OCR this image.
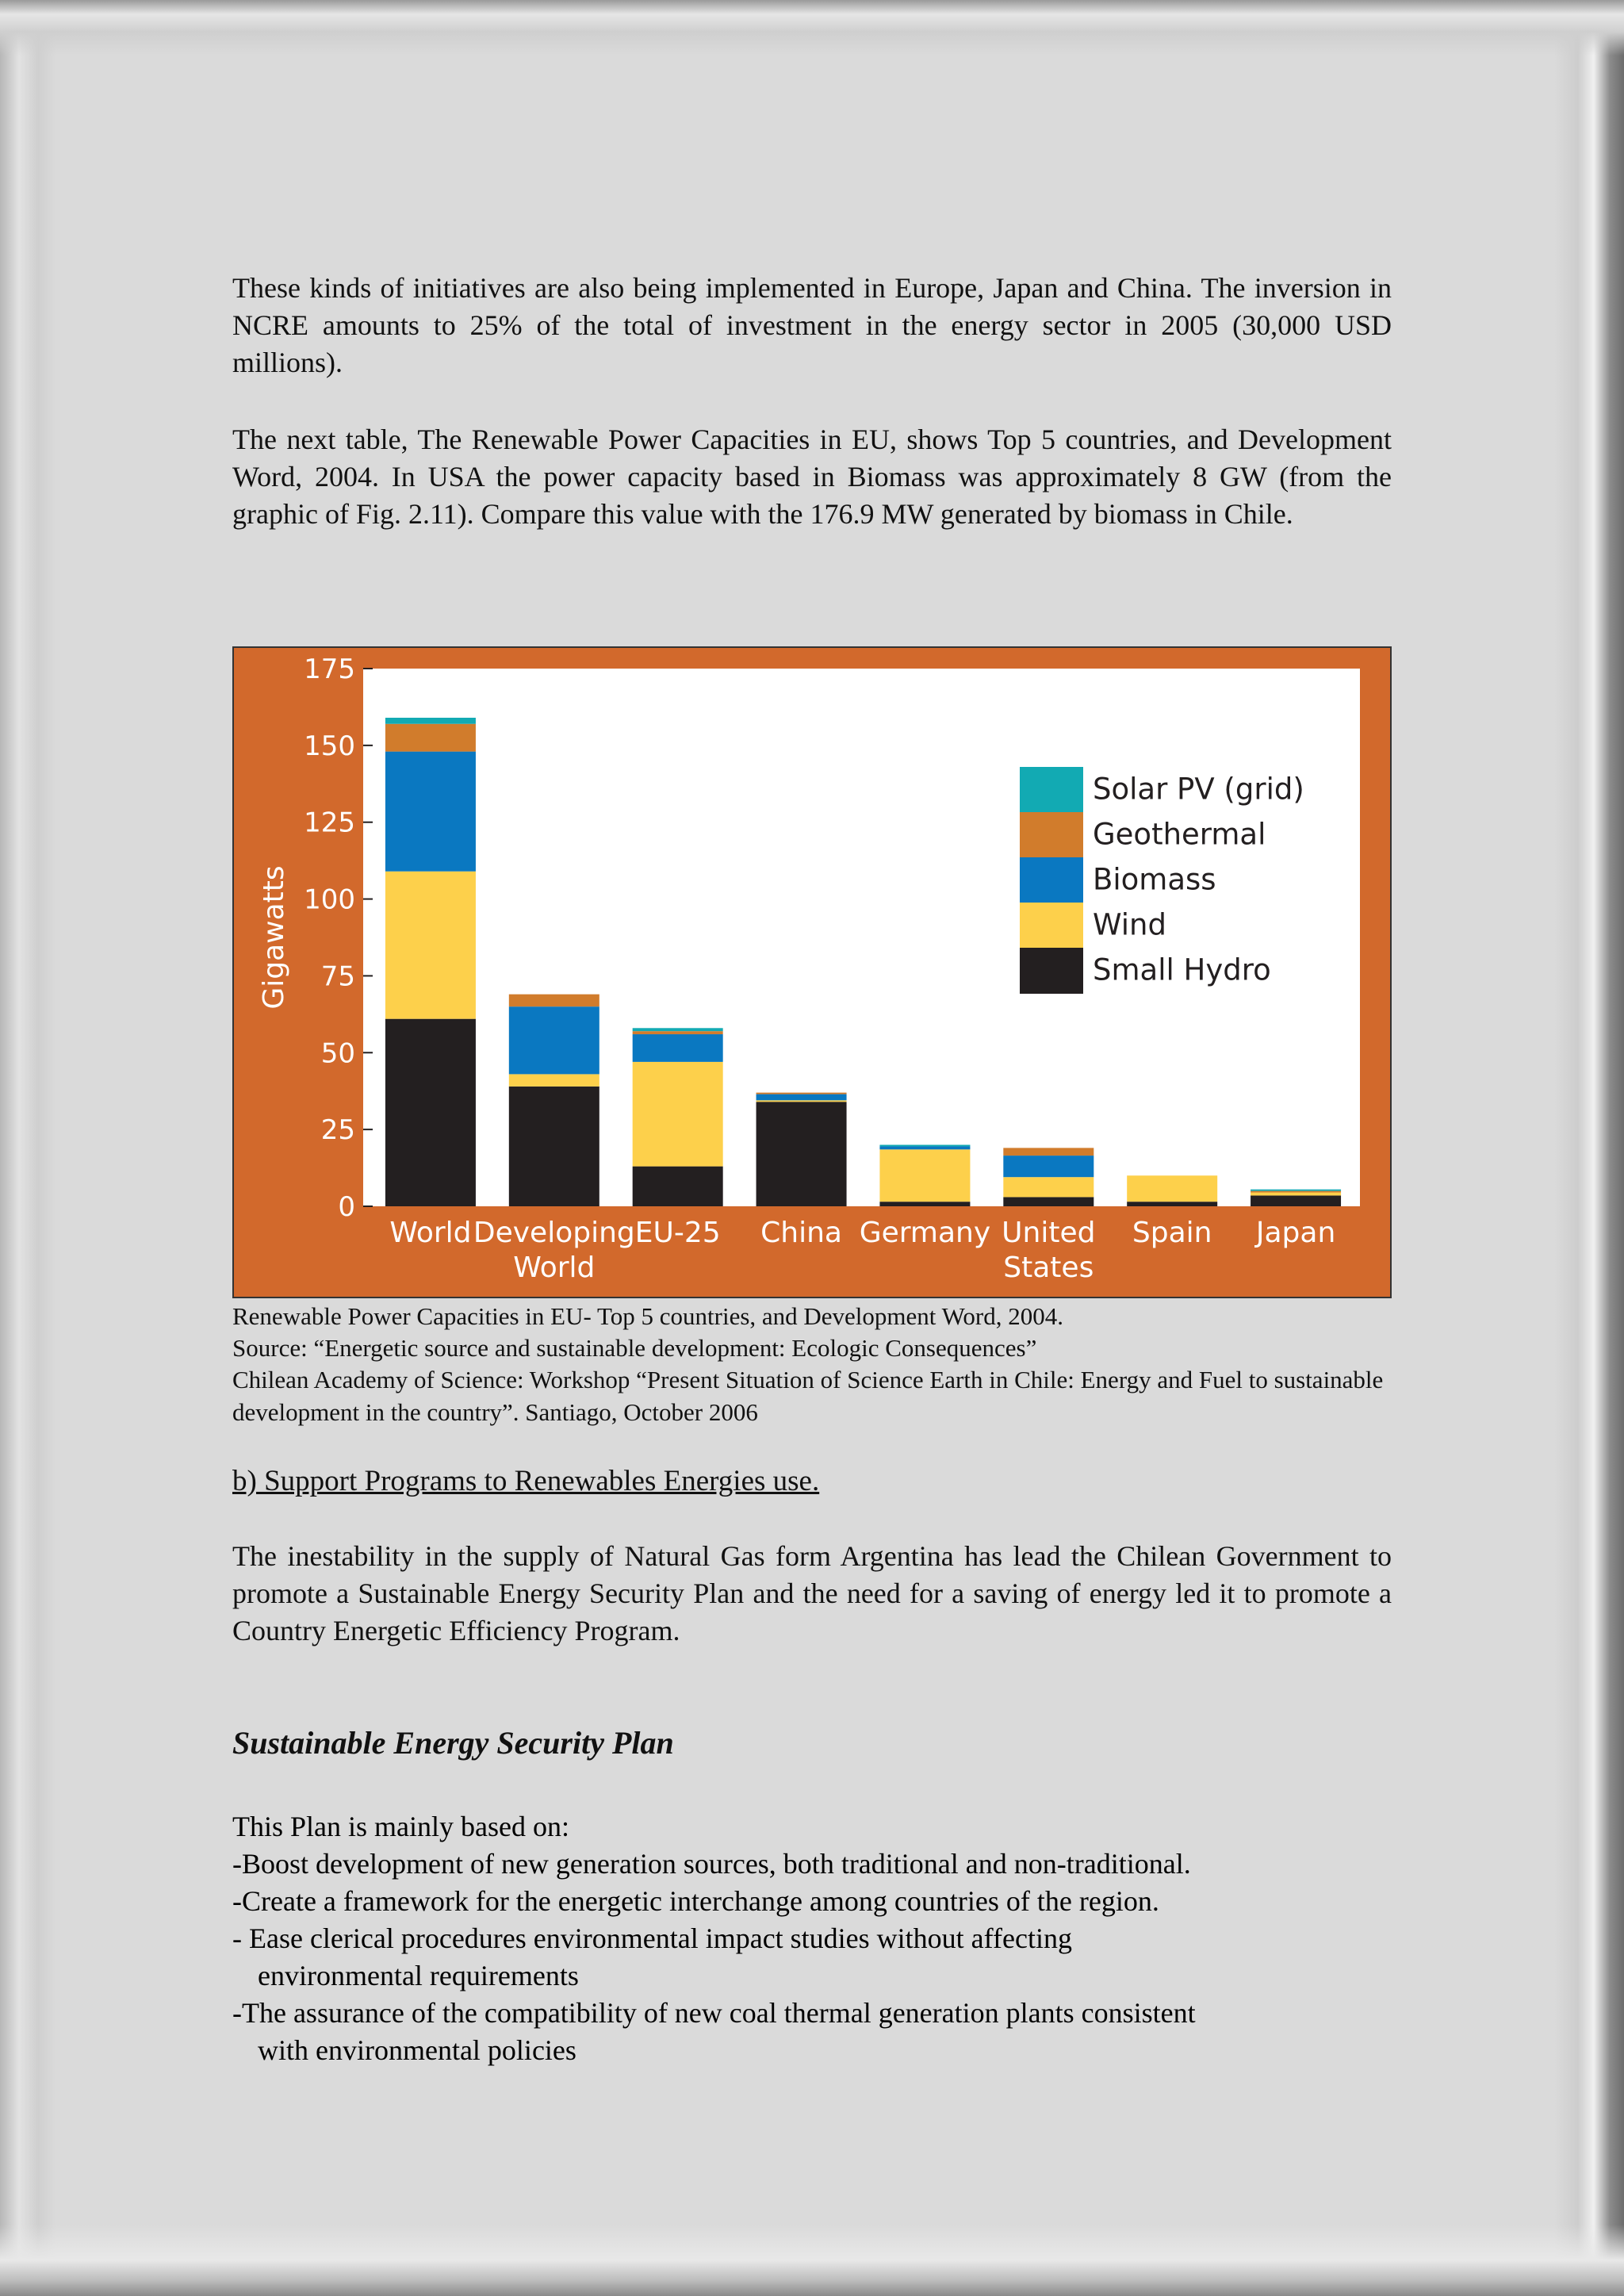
These kinds of initiatives are also being implemented in Europe, Japan and China. The inversion in NCRE amounts to 25% of the total of investment in the energy sector in 2005 (30,000 USD millions).

The next table, The Renewable Power Capacities in EU, shows Top 5 countries, and Development Word, 2004. In USA the power capacity based in Biomass was approximately 8 GW (from the graphic of Fig. 2.11). Compare this value with the 176.9 MW generated by biomass in Chile.

0
25
50
75
100
125
150
175
Gigawatts
World Developing
World
EU-25 China Germany United
States
Spain Japan
Solar PV (grid)
Geothermal
Biomass
Wind
Small Hydro

Renewable Power Capacities in EU- Top 5 countries, and Development Word, 2004.

Source: “Energetic source and sustainable development: Ecologic Consequences”

Chilean Academy of Science: Workshop “Present Situation of Science Earth in Chile: Energy and Fuel to sustainable development in the country”. Santiago, October 2006

b) Support Programs to Renewables Energies use.

The inestability in the supply of Natural Gas form Argentina has lead the Chilean Government to promote a Sustainable Energy Security Plan and the need for a saving of energy led it to promote a Country Energetic Efficiency Program.

Sustainable Energy Security Plan

This Plan is mainly based on:
-Boost development of new generation sources, both traditional and non-traditional.
-Create a framework for the energetic interchange among countries of the region.
- Ease clerical procedures environmental impact studies without affecting
environmental requirements
-The assurance of the compatibility of new coal thermal generation plants consistent
with environmental policies
